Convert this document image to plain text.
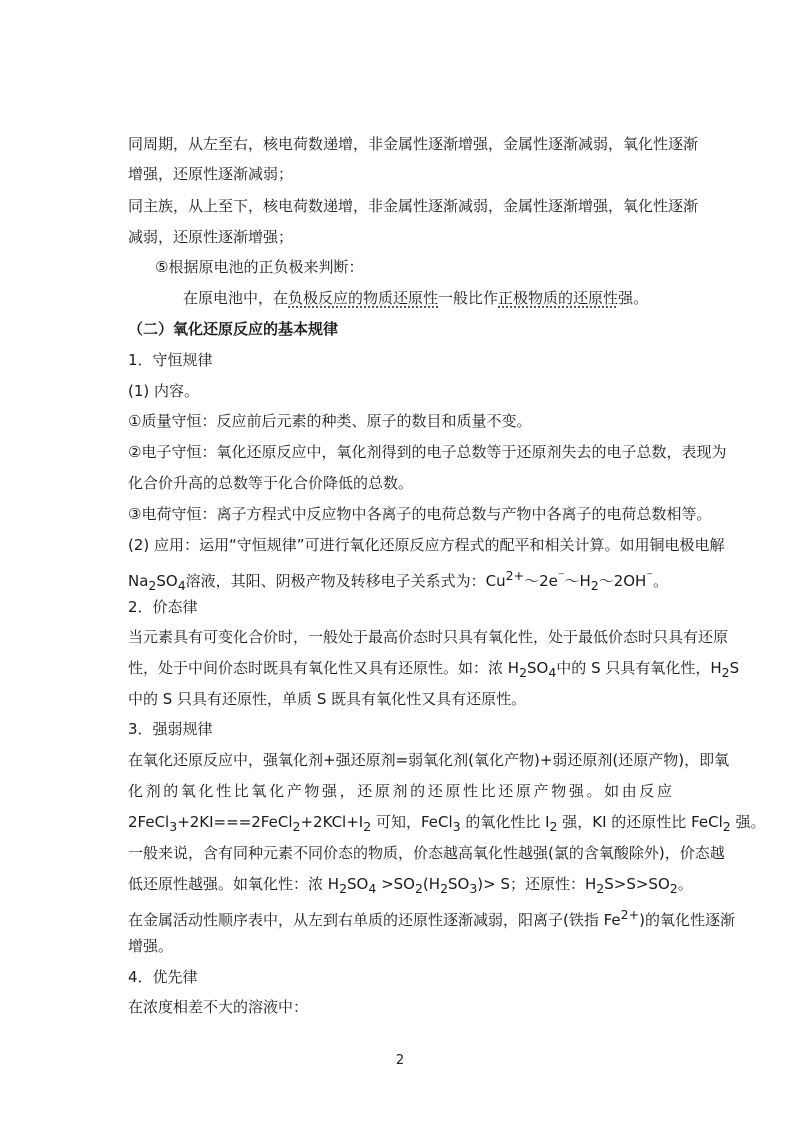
同周期，从左至右，核电荷数递增，非金属性逐渐增强，金属性逐渐减弱，氧化性逐渐

增强，还原性逐渐减弱；

同主族，从上至下，核电荷数递增，非金属性逐渐减弱，金属性逐渐增强，氧化性逐渐

减弱，还原性逐渐增强；

⑤根据原电池的正负极来判断：

在原电池中，在负极反应的物质还原性一般比作正极物质的还原性强。

（二）氧化还原反应的基本规律

1．守恒规律

(1) 内容。

①质量守恒：反应前后元素的种类、原子的数目和质量不变。

②电子守恒：氧化还原反应中，氧化剂得到的电子总数等于还原剂失去的电子总数，表现为

化合价升高的总数等于化合价降低的总数。

③电荷守恒：离子方程式中反应物中各离子的电荷总数与产物中各离子的电荷总数相等。

(2) 应用：运用“守恒规律”可进行氧化还原反应方程式的配平和相关计算。如用铜电极电解

$Na_2SO_4$溶液，其阳、阴极产物及转移电子关系式为：$Cu^{2+}\sim 2e^{^-}\sim H_2\sim 2OH^{^-}$。

2．价态律

当元素具有可变化合价时，一般处于最高价态时只具有氧化性，处于最低价态时只具有还原

性，处于中间价态时既具有氧化性又具有还原性。如：浓 $H_2SO_4$中的 S 只具有氧化性，$H_2S$

中的 S 只具有还原性，单质 S 既具有氧化性又具有还原性。

3．强弱规律

在氧化还原反应中，强氧化剂+强还原剂=弱氧化剂(氧化产物)+弱还原剂(还原产物)，即氧

化剂的氧化性比氧化产物强，还原剂的还原性比还原产物强。如由反应

$2FeCl_3+2KI===2FeCl_2+2KCl+I_2$ 可知，FeCl$_3$ 的氧化性比 $I_2$ 强，KI 的还原性比 FeCl$_2$ 强。

一般来说，含有同种元素不同价态的物质，价态越高氧化性越强(氯的含氧酸除外)，价态越

低还原性越强。如氧化性：浓 $H_2SO_4 >SO_2(H_2SO_3)> S$；还原性：$H_2S>S>SO_2$。

在金属活动性顺序表中，从左到右单质的还原性逐渐减弱，阳离子(铁指 $Fe^{2+}$)的氧化性逐渐

增强。

4．优先律

在浓度相差不大的溶液中：

2
